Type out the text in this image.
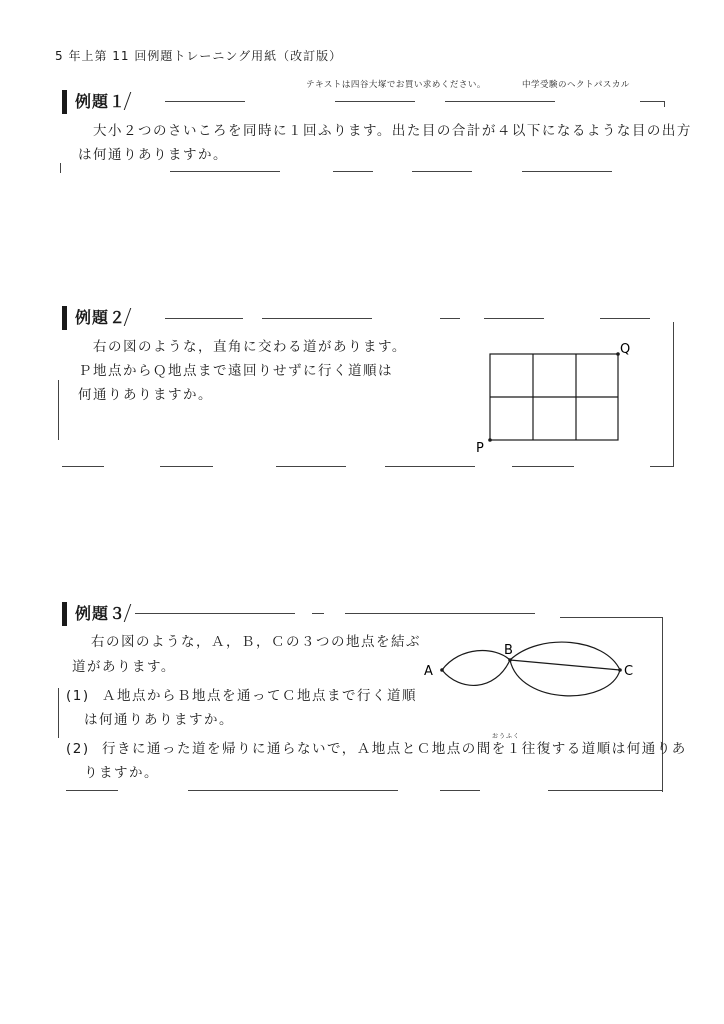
5 年上第 11 回例題トレーニング用紙（改訂版）
テキストは四谷大塚でお買い求めください。	中学受験のヘクトパスカル
例題１
大小２つのさいころを同時に１回ふります。出た目の合計が４以下になるような目の出方
は何通りありますか。
例題２
右の図のような，直角に交わる道があります。
Ｐ地点からＱ地点まで遠回りせずに行く道順は
何通りありますか。
Q
P
例題３
右の図のような，Ａ，Ｂ，Ｃの３つの地点を結ぶ
道があります。
(1) Ａ地点からＢ地点を通ってＣ地点まで行く道順
は何通りありますか。
おうふく
(2) 行きに通った道を帰りに通らないで，Ａ地点とＣ地点の間を１往復する道順は何通りあ
りますか。
A
B
C
